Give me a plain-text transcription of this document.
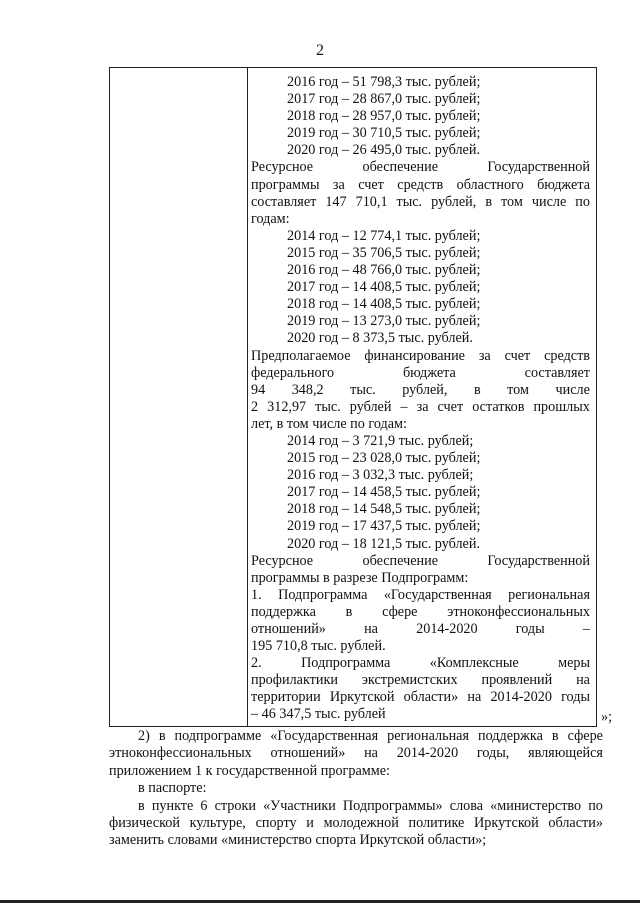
2
2016 год – 51 798,3 тыс. рублей;
2017 год – 28 867,0 тыс. рублей;
2018 год – 28 957,0 тыс. рублей;
2019 год – 30 710,5 тыс. рублей;
2020 год – 26 495,0 тыс. рублей.
Ресурсное	обеспечение	Государственной
программы за счет средств областного бюджета
составляет 147 710,1 тыс. рублей, в том числе по
годам:
2014 год – 12 774,1 тыс. рублей;
2015 год – 35 706,5 тыс. рублей;
2016 год – 48 766,0 тыс. рублей;
2017 год – 14 408,5 тыс. рублей;
2018 год – 14 408,5 тыс. рублей;
2019 год – 13 273,0 тыс. рублей;
2020 год – 8 373,5 тыс. рублей.
Предполагаемое финансирование за счет средств
федерального	бюджета	составляет
94 348,2 тыс. рублей, в том числе
2 312,97 тыс. рублей – за счет остатков прошлых
лет, в том числе по годам:
2014 год – 3 721,9 тыс. рублей;
2015 год – 23 028,0 тыс. рублей;
2016 год – 3 032,3 тыс. рублей;
2017 год – 14 458,5 тыс. рублей;
2018 год – 14 548,5 тыс. рублей;
2019 год – 17 437,5 тыс. рублей;
2020 год – 18 121,5 тыс. рублей.
Ресурсное	обеспечение	Государственной
программы в разрезе Подпрограмм:
1. Подпрограмма «Государственная региональная
поддержка в сфере этноконфессиональных
отношений»	на	2014-2020	годы	–
195 710,8 тыс. рублей.
2.	Подпрограмма	«Комплексные	меры
профилактики экстремистских проявлений на
территории Иркутской области» на 2014-2020 годы
– 46 347,5 тыс. рублей	»;
2) в подпрограмме «Государственная региональная поддержка в сфере
этноконфессиональных отношений» на 2014-2020 годы, являющейся
приложением 1 к государственной программе:
в паспорте:
в пункте 6 строки «Участники Подпрограммы» слова «министерство по
физической культуре, спорту и молодежной политике Иркутской области»
заменить словами «министерство спорта Иркутской области»;
